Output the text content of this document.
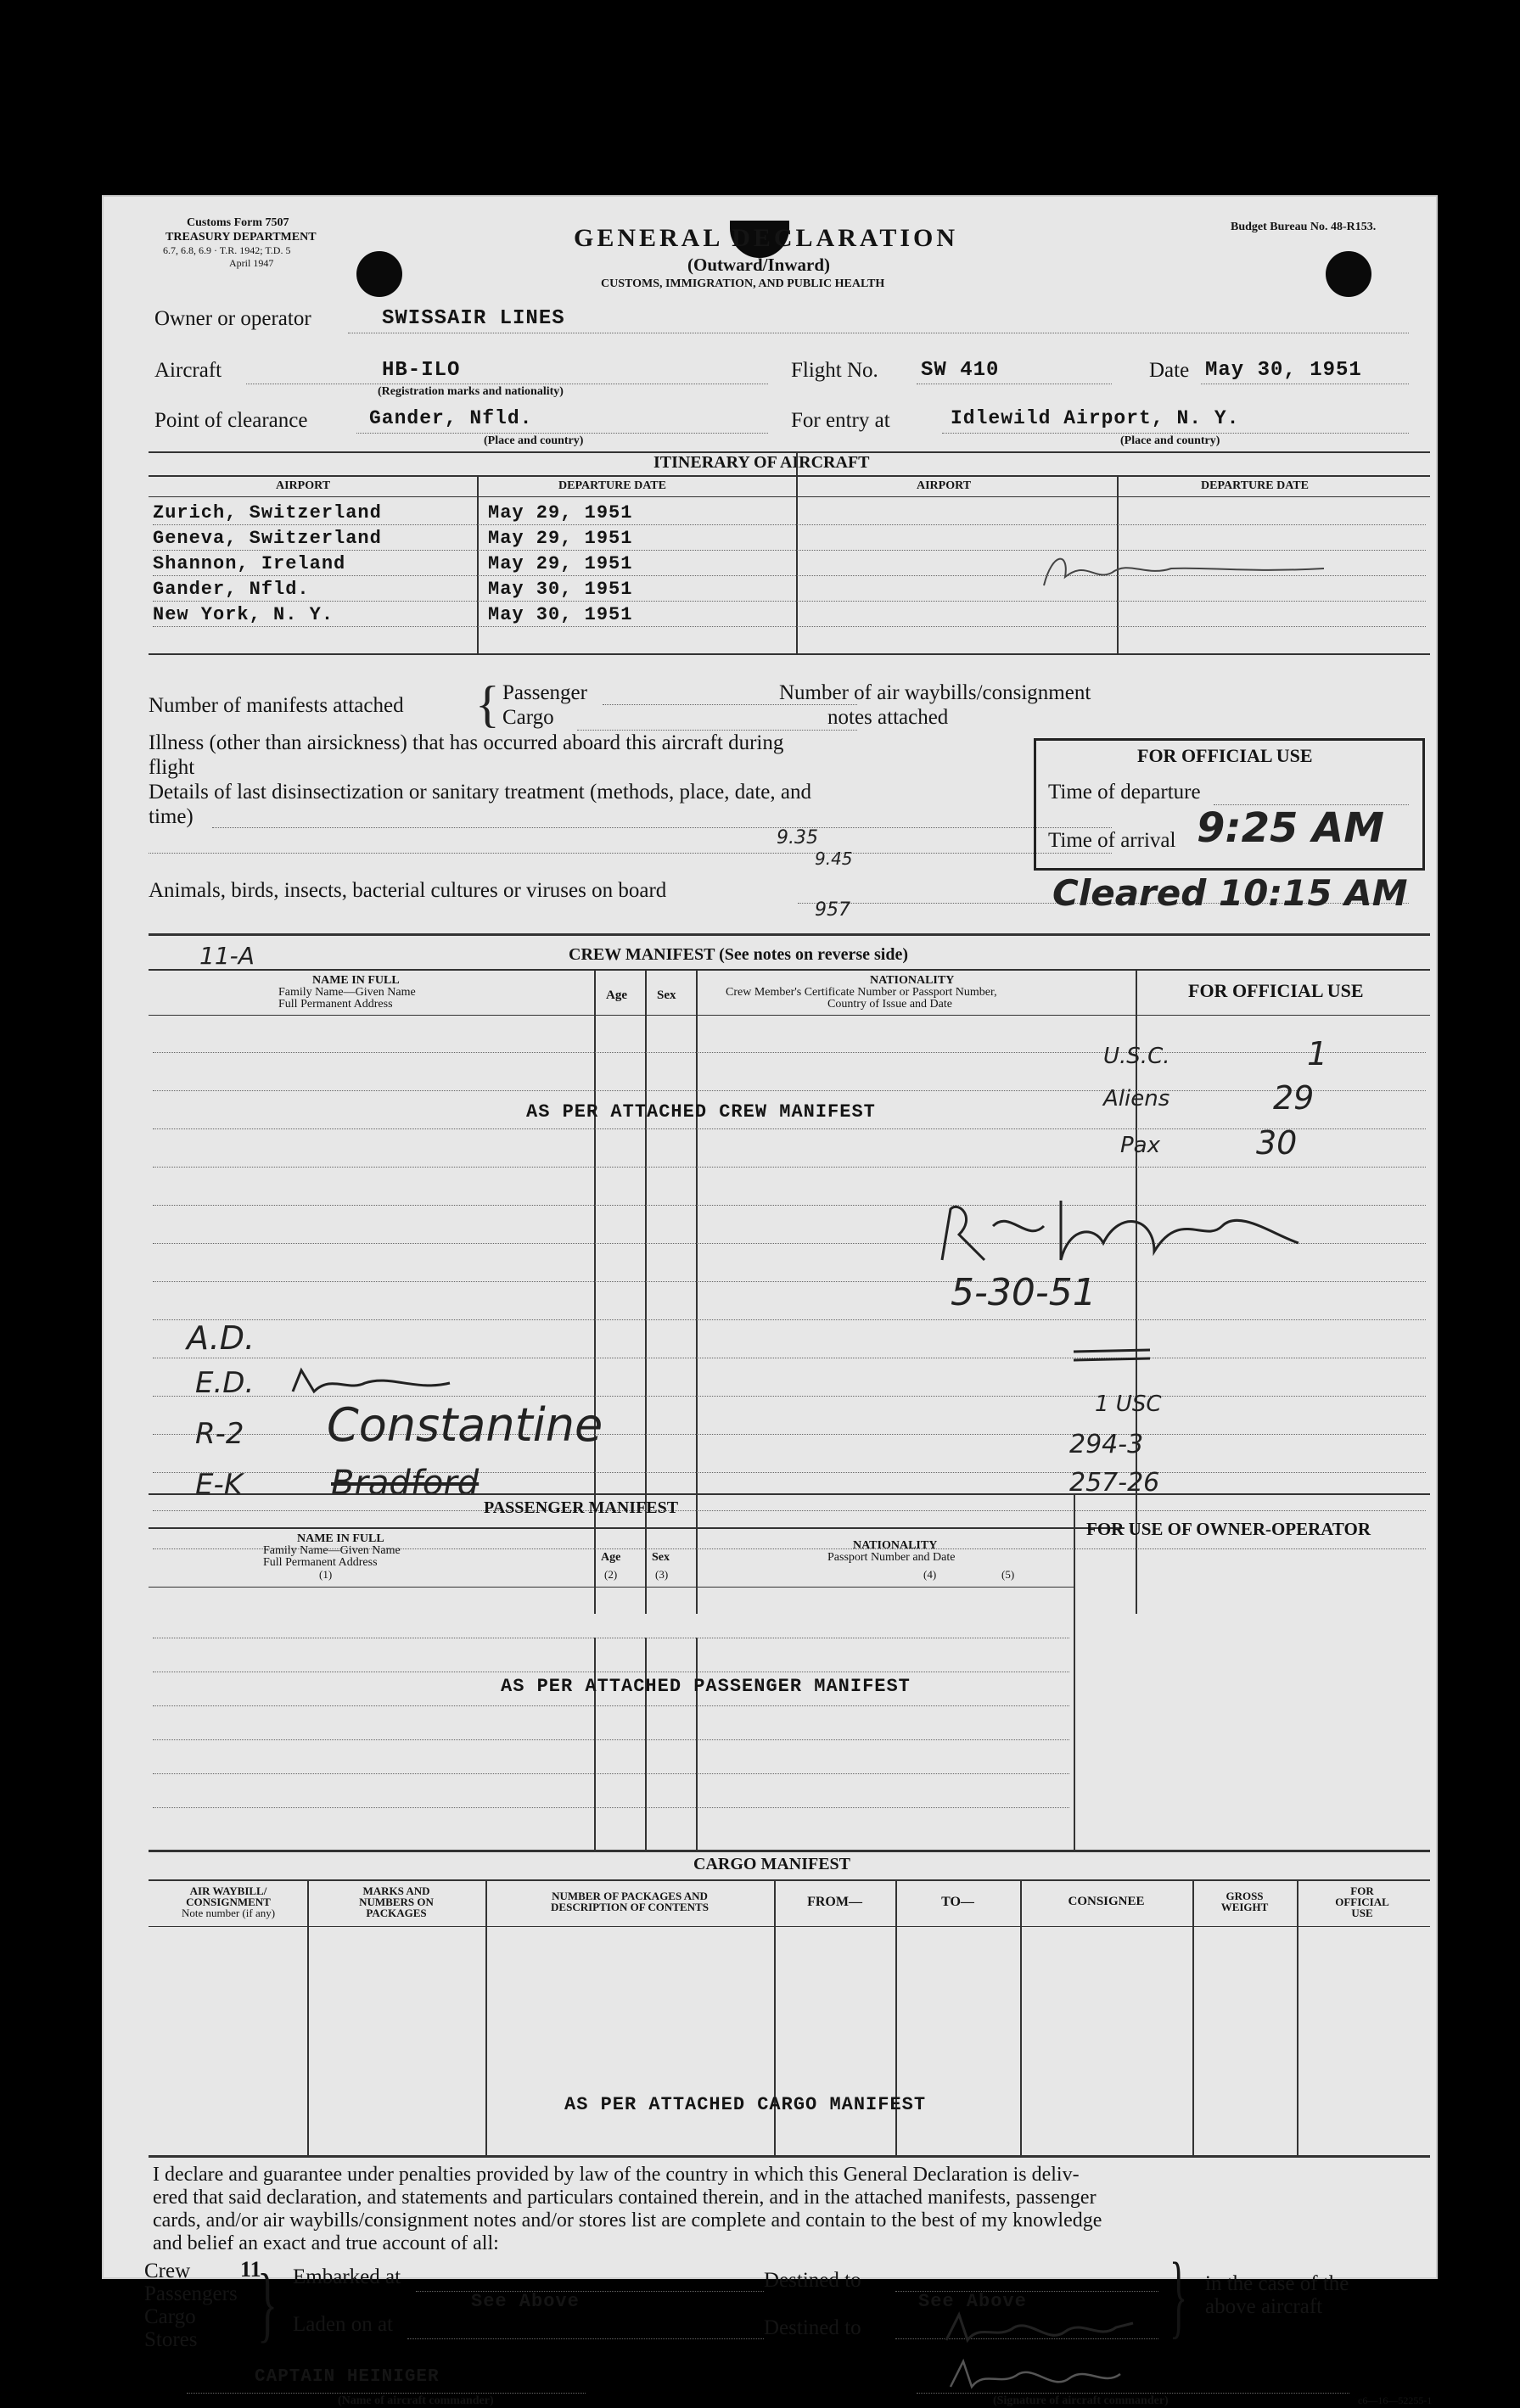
Customs Form 7507
TREASURY DEPARTMENT
6.7, 6.8, 6.9 · T.R. 1942; T.D. 5
April 1947
GENERAL DECLARATION
(Outward/Inward)
CUSTOMS, IMMIGRATION, AND PUBLIC HEALTH
Budget Bureau No. 48-R153.
Owner or operator	SWISSAIR LINES
Aircraft	HB-ILO
(Registration marks and nationality)
Flight No. SW 410	Date May 30, 1951
Point of clearance	Gander, Nfld.
(Place and country)
For entry at	Idlewild Airport, N. Y.
(Place and country)
ITINERARY OF AIRCRAFT
AIRPORT	DEPARTURE DATE	AIRPORT	DEPARTURE DATE
Zurich, Switzerland	May 29, 1951
Geneva, Switzerland	May 29, 1951
Shannon, Ireland	May 29, 1951
Gander, Nfld.	May 30, 1951
New York, N. Y.	May 30, 1951
Number of manifests attached { Passenger
Cargo
Number of air waybills/consignment
notes attached
Illness (other than airsickness) that has occurred aboard this aircraft during
flight
Details of last disinsectization or sanitary treatment (methods, place, date, and
time)
Animals, birds, insects, bacterial cultures or viruses on board
FOR OFFICIAL USE
Time of departure
Time of arrival 9:25 AM
Cleared 10:15 AM
9.35
9.45
957
11-A	CREW MANIFEST (See notes on reverse side)
NAME IN FULL
Family Name—Given Name
Full Permanent Address
Age Sex
NATIONALITY
Crew Member's Certificate Number or Passport Number,
Country of Issue and Date
FOR OFFICIAL USE
AS PER ATTACHED CREW MANIFEST
U.S.C.	1
Aliens	29
Pax	30
5-30-51
1 USC
294-3
257-26
A.D.
E.D.
R-2 Constantine
E-K	Bradford
PASSENGER MANIFEST
FOR USE OF OWNER-OPERATOR
NAME IN FULL
Family Name—Given Name
Full Permanent Address
(1)
Age
(2)
Sex
(3)
NATIONALITY
Passport Number and Date
(4)	(5)
AS PER ATTACHED PASSENGER MANIFEST
CARGO MANIFEST
AIR WAYBILL/
CONSIGNMENT
Note number (if any)
MARKS AND
NUMBERS ON
PACKAGES
NUMBER OF PACKAGES AND
DESCRIPTION OF CONTENTS	FROM—	TO—	CONSIGNEE	GROSS
WEIGHT
FOR
OFFICIAL
USE
AS PER ATTACHED CARGO MANIFEST
I declare and guarantee under penalties provided by law of the country in which this General Declaration is deliv-
ered that said declaration, and statements and particulars contained therein, and in the attached manifests, passenger
cards, and/or air waybills/consignment notes and/or stores list are complete and contain to the best of my knowledge
and belief an exact and true account of all:
Crew 11
Passengers
Cargo
Stores } Embarked at
Laden on at
See Above
Destined to
Destined to
See Above } in the case of the
above aircraft
CAPTAIN HEINIGER
(Name of aircraft commander)	(Signature of aircraft commander)	c6—16—52255-1
